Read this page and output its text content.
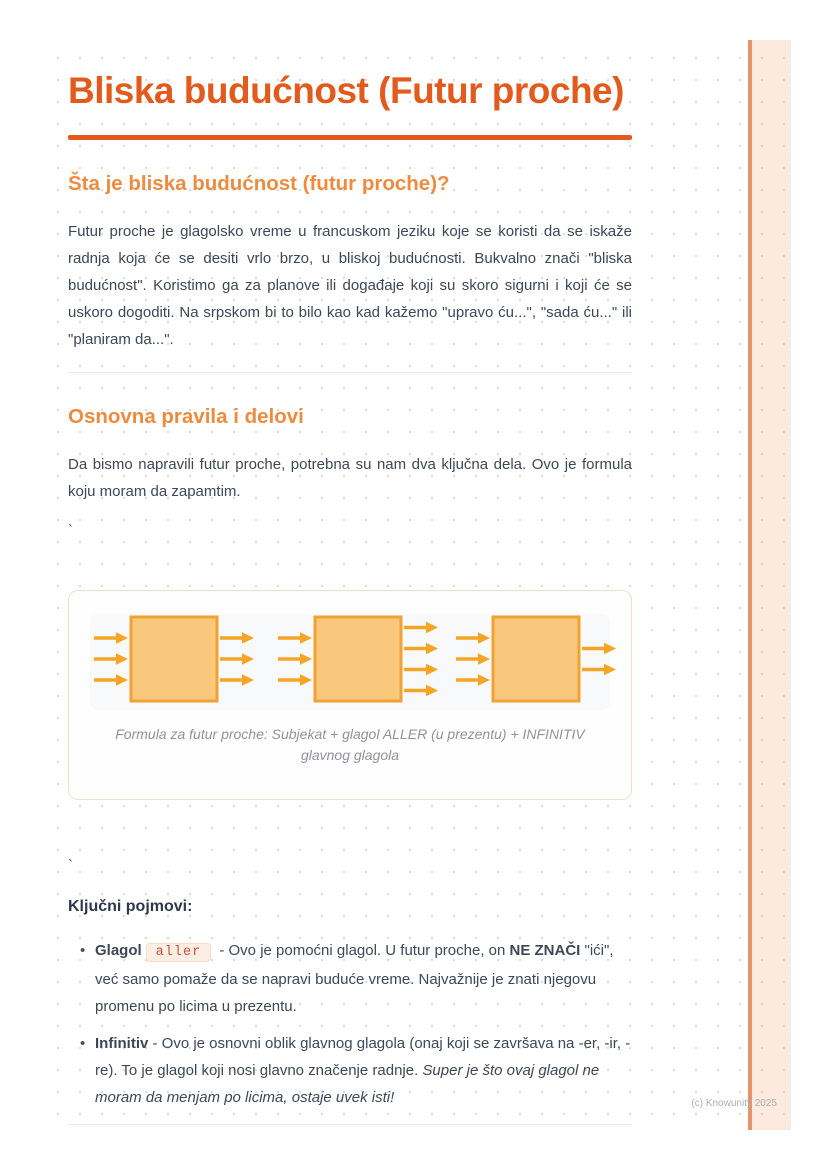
Bliska budućnost (Futur proche)
Šta je bliska budućnost (futur proche)?

Futur proche je glagolsko vreme u francuskom jeziku koje se koristi da se iskaže radnja koja će se desiti vrlo brzo, u bliskoj budućnosti. Bukvalno znači "bliska budućnost". Koristimo ga za planove ili događaje koji su skoro sigurni i koji će se uskoro dogoditi. Na srpskom bi to bilo kao kad kažemo "upravo ću...", "sada ću..." ili "planiram da...".

Osnovna pravila i delovi

Da bismo napravili futur proche, potrebna su nam dva ključna dela. Ovo je formula koju moram da zapamtim.

`

Formula za futur proche: Subjekat + glagol ALLER (u prezentu) + INFINITIV glavnog glagola

`

Ključni pojmovi:
• Glagol aller - Ovo je pomoćni glagol. U futur proche, on NE ZNAČI "ići", već samo pomaže da se napravi buduće vreme. Najvažnije je znati njegovu promenu po licima u prezentu.
• Infinitiv - Ovo je osnovni oblik glavnog glagola (onaj koji se završava na -er, -ir, -re). To je glagol koji nosi glavno značenje radnje. Super je što ovaj glagol ne moram da menjam po licima, ostaje uvek isti!	(c) Knowunity 2025
